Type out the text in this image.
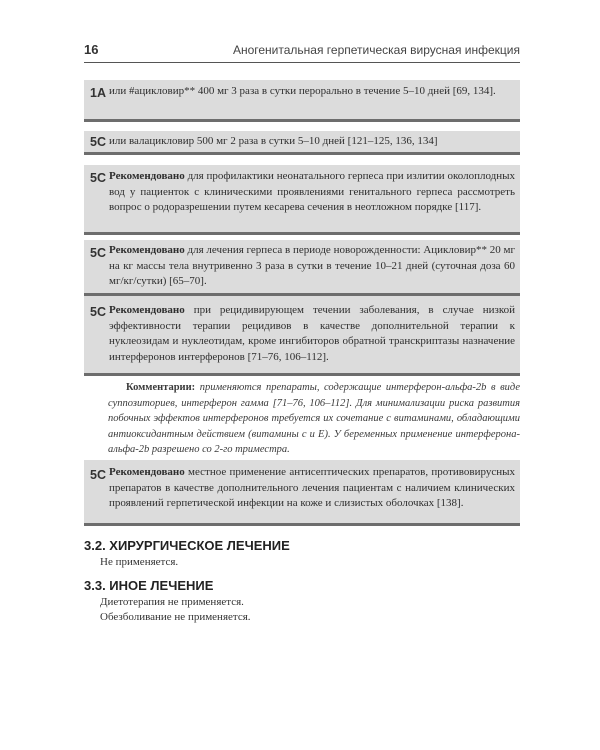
16	Аногенитальная герпетическая вирусная инфекция
1A или #ацикловир** 400 мг 3 раза в сутки перорально в течение 5–10 дней [69, 134].
5C или валацикловир 500 мг 2 раза в сутки 5–10 дней [121–125, 136, 134]
5C Рекомендовано для профилактики неонатального герпеса при излитии околоплодных вод у пациенток с клиническими проявлениями генитального герпеса рассмотреть вопрос о родоразрешении путем кесарева сечения в неотложном порядке [117].
5C Рекомендовано для лечения герпеса в периоде новорожденности: Ацикловир** 20 мг на кг массы тела внутривенно 3 раза в сутки в течение 10–21 дней (суточная доза 60 мг/кг/сутки) [65–70].
5C Рекомендовано при рецидивирующем течении заболевания, в случае низкой эффективности терапии рецидивов в качестве дополнительной терапии к нуклеозидам и нуклеотидам, кроме ингибиторов обратной транскриптазы назначение интерферонов интерферонов [71–76, 106–112].
Комментарии: применяются препараты, содержащие интерферон-альфа-2b в виде суппозиториев, интерферон гамма [71–76, 106–112]. Для минимализации риска развития побочных эффектов интерферонов требуется их сочетание с витаминами, обладающими антиоксидантным действием (витамины с и Е). У беременных применение интерферона-альфа-2b разрешено со 2-го триместра.
5C Рекомендовано местное применение антисептических препаратов, противовирусных препаратов в качестве дополнительного лечения пациентам с наличием клинических проявлений герпетической инфекции на коже и слизистых оболочках [138].
3.2. ХИРУРГИЧЕСКОЕ ЛЕЧЕНИЕ
Не применяется.
3.3. ИНОЕ ЛЕЧЕНИЕ
Диетотерапия не применяется.
Обезболивание не применяется.
